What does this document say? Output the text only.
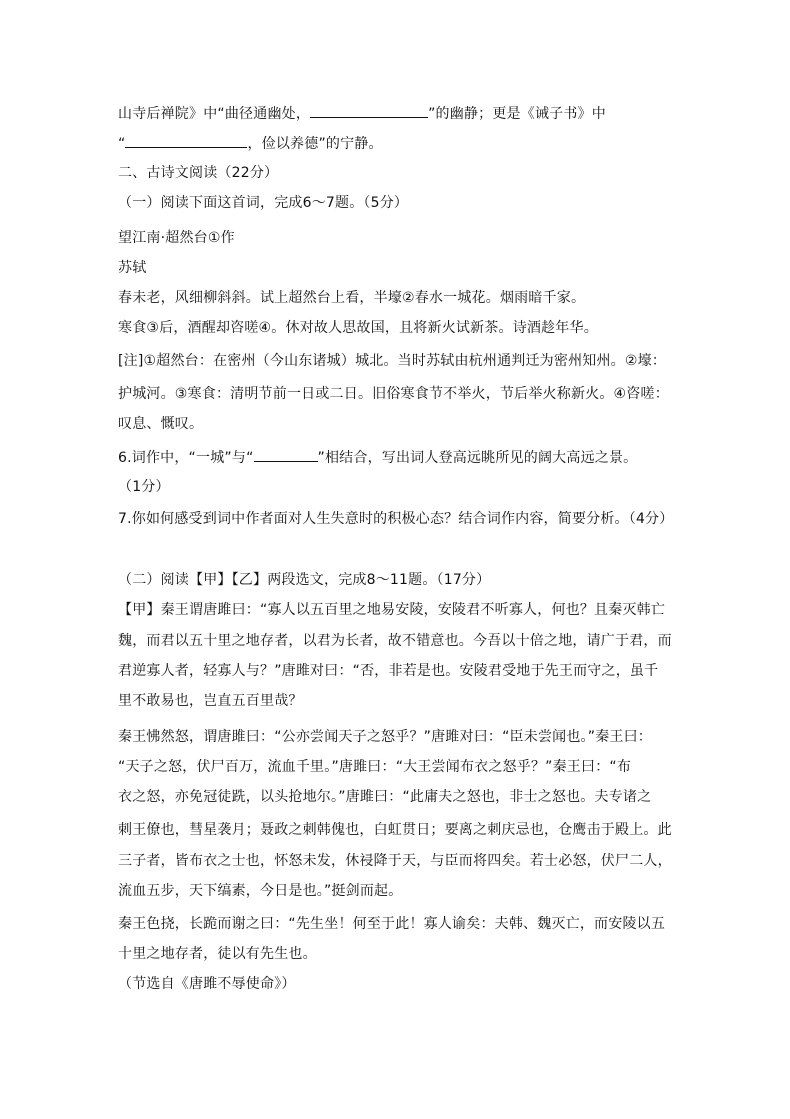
山寺后禅院》中“曲径通幽处，	”的幽静；更是《诫子书》中
“	，俭以养德”的宁静。
二、古诗文阅读（22分）
（一）阅读下面这首词，完成6～7题。（5分）
望江南·超然台①作
苏轼
春未老，风细柳斜斜。试上超然台上看，半壕②春水一城花。烟雨暗千家。
寒食③后，酒醒却咨嗟④。休对故人思故国，且将新火试新茶。诗酒趁年华。
[注]①超然台：在密州（今山东诸城）城北。当时苏轼由杭州通判迁为密州知州。②壕：
护城河。③寒食：清明节前一日或二日。旧俗寒食节不举火，节后举火称新火。④咨嗟：
叹息、慨叹。
6.词作中，“一城”与“	”相结合，写出词人登高远眺所见的阔大高远之景。
（1分）
7.你如何感受到词中作者面对人生失意时的积极心态？结合词作内容，简要分析。（4分）
（二）阅读【甲】【乙】两段选文，完成8～11题。（17分）
【甲】秦王谓唐雎曰：“寡人以五百里之地易安陵，安陵君不听寡人，何也？且秦灭韩亡
魏，而君以五十里之地存者，以君为长者，故不错意也。今吾以十倍之地，请广于君，而
君逆寡人者，轻寡人与？”唐雎对曰：“否，非若是也。安陵君受地于先王而守之，虽千
里不敢易也，岂直五百里哉？
秦王怫然怒，谓唐雎曰：“公亦尝闻天子之怒乎？”唐雎对曰：“臣未尝闻也。”秦王曰：
“天子之怒，伏尸百万，流血千里。”唐雎曰：“大王尝闻布衣之怒乎？”秦王曰：“布
衣之怒，亦免冠徒跣，以头抢地尔。”唐雎曰：“此庸夫之怒也，非士之怒也。夫专诸之
刺王僚也，彗星袭月；聂政之刺韩傀也，白虹贯日；要离之刺庆忌也，仓鹰击于殿上。此
三子者，皆布衣之士也，怀怒未发，休祲降于天，与臣而将四矣。若士必怒，伏尸二人，
流血五步，天下缟素，今日是也。”挺剑而起。
秦王色挠，长跪而谢之曰：“先生坐！何至于此！寡人谕矣：夫韩、魏灭亡，而安陵以五
十里之地存者，徒以有先生也。
（节选自《唐雎不辱使命》）
